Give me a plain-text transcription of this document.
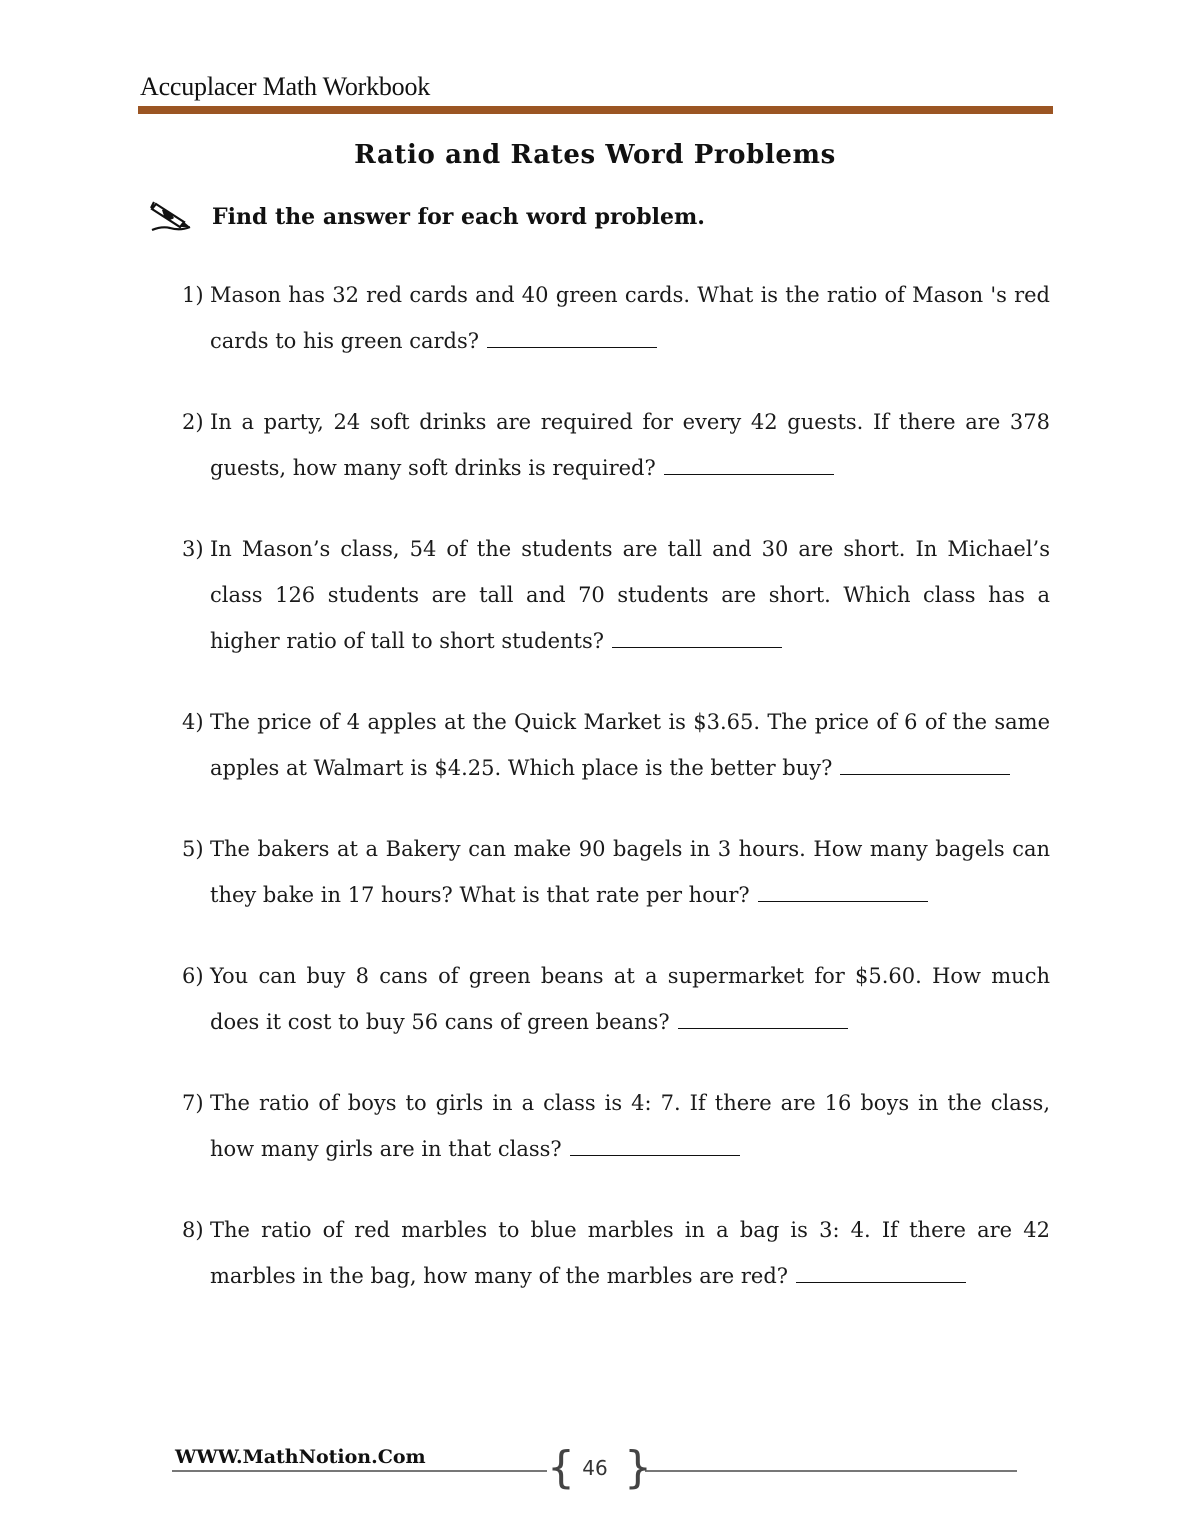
Accuplacer Math Workbook
Ratio and Rates Word Problems
Find the answer for each word problem.
1) Mason has 32 red cards and 40 green cards. What is the ratio of Mason 's red cards to his green cards?
2) In a party, 24 soft drinks are required for every 42 guests. If there are 378 guests, how many soft drinks is required?
3) In Mason’s class, 54 of the students are tall and 30 are short. In Michael’s class 126 students are tall and 70 students are short. Which class has a higher ratio of tall to short students?
4) The price of 4 apples at the Quick Market is $3.65. The price of 6 of the same apples at Walmart is $4.25. Which place is the better buy?
5) The bakers at a Bakery can make 90 bagels in 3 hours. How many bagels can they bake in 17 hours? What is that rate per hour?
6) You can buy 8 cans of green beans at a supermarket for $5.60. How much does it cost to buy 56 cans of green beans?
7) The ratio of boys to girls in a class is 4: 7. If there are 16 boys in the class, how many girls are in that class?
8) The ratio of red marbles to blue marbles in a bag is 3: 4. If there are 42 marbles in the bag, how many of the marbles are red?
WWW.MathNotion.Com	{ }
46
